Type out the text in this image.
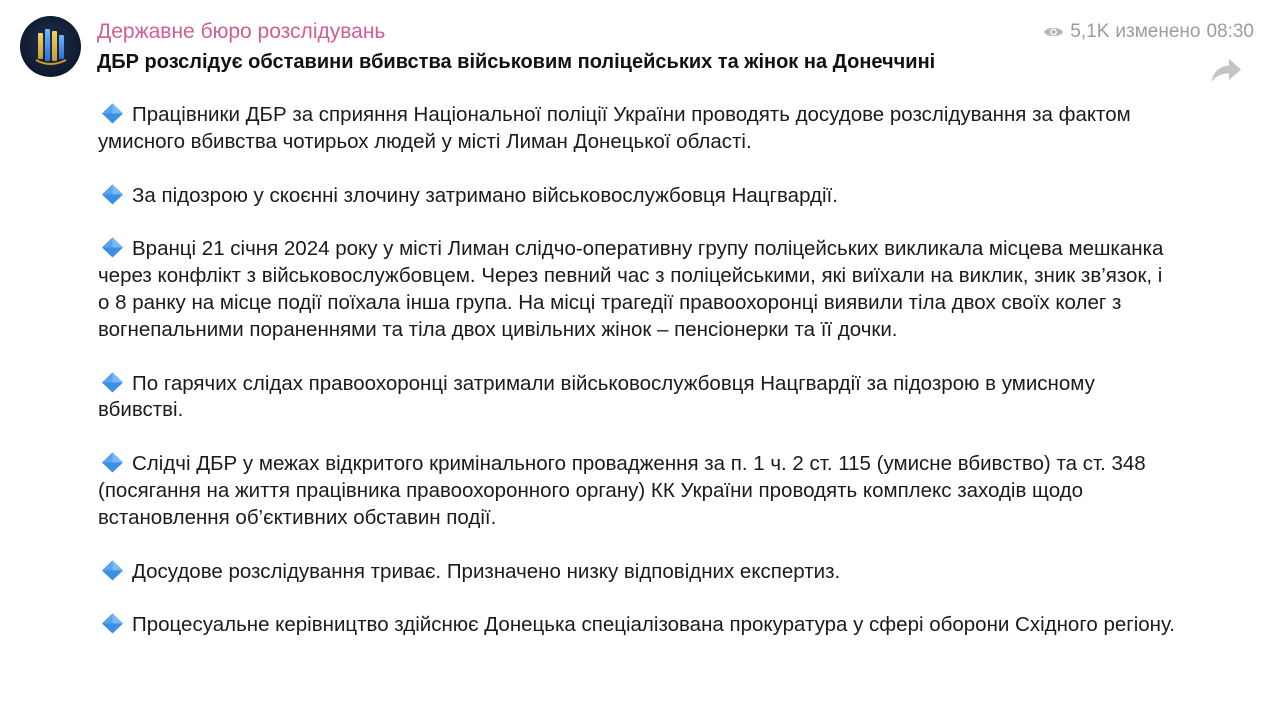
Державне бюро розслідувань	5,1K изменено 08:30
ДБР розслідує обставини вбивства військовим поліцейських та жінок на Донеччині

Працівники ДБР за сприяння Національної поліції України проводять досудове розслідування за фактом умисного вбивства чотирьох людей у місті Лиман Донецької області.

За підозрою у скоєнні злочину затримано військовослужбовця Нацгвардії.

Вранці 21 січня 2024 року у місті Лиман слідчо-оперативну групу поліцейських викликала місцева мешканка через конфлікт з військовослужбовцем. Через певний час з поліцейськими, які виїхали на виклик, зник зв’язок, і о 8 ранку на місце події поїхала інша група. На місці трагедії правоохоронці виявили тіла двох своїх колег з вогнепальними пораненнями та тіла двох цивільних жінок – пенсіонерки та її дочки.

По гарячих слідах правоохоронці затримали військовослужбовця Нацгвардії за підозрою в умисному вбивстві.

Слідчі ДБР у межах відкритого кримінального провадження за п. 1 ч. 2 ст. 115 (умисне вбивство) та ст. 348 (посягання на життя працівника правоохоронного органу) КК України проводять комплекс заходів щодо встановлення об’єктивних обставин події.

Досудове розслідування триває. Призначено низку відповідних експертиз.

Процесуальне керівництво здійснює Донецька спеціалізована прокуратура у сфері оборони Східного регіону.
